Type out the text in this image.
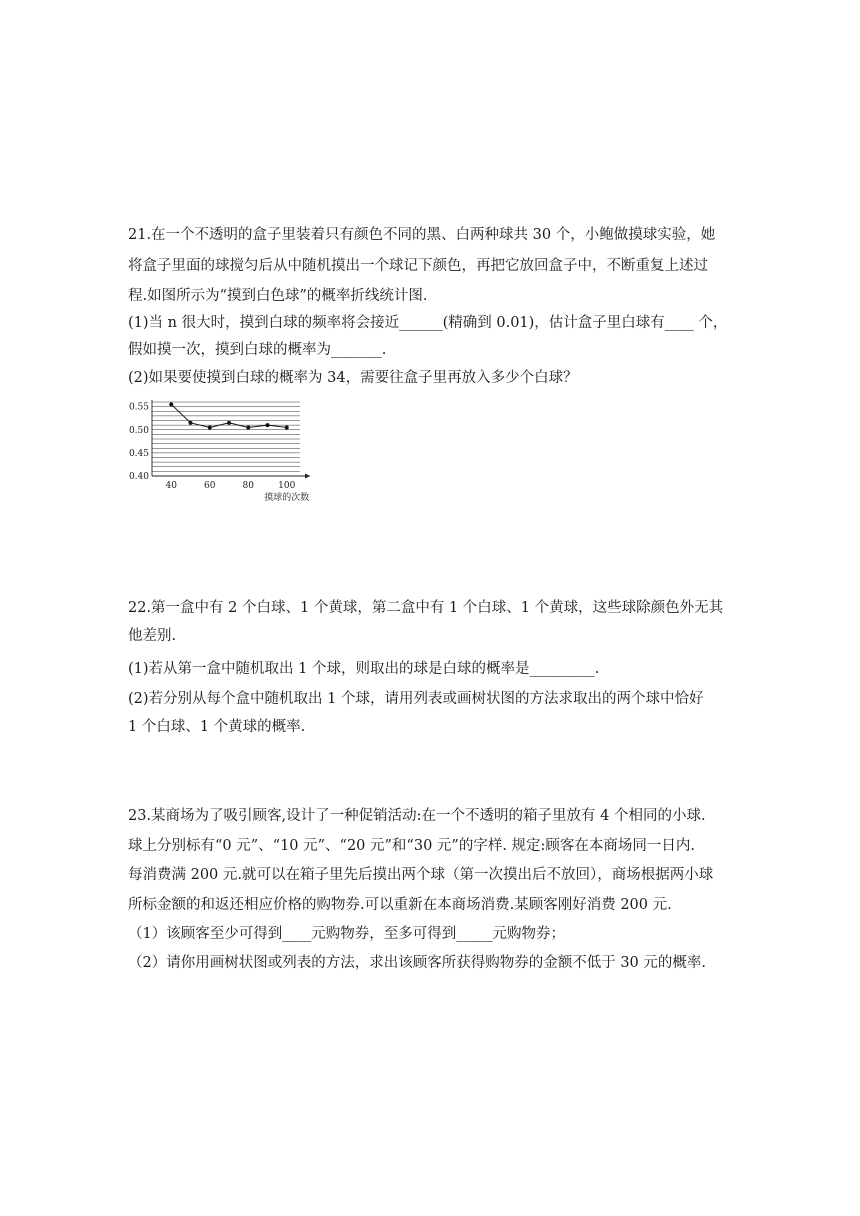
21.在一个不透明的盒子里装着只有颜色不同的黑、白两种球共 30 个，小鲍做摸球实验，她
将盒子里面的球搅匀后从中随机摸出一个球记下颜色，再把它放回盒子中，不断重复上述过
程.如图所示为“摸到白色球”的概率折线统计图.
(1)当 n 很大时，摸到白球的频率将会接近______(精确到 0.01)，估计盒子里白球有____ 个，
假如摸一次，摸到白球的概率为_______.
(2)如果要使摸到白球的概率为 34，需要往盒子里再放入多少个白球？
0.55
0.50
0.45
0.40
40	60	80	100
摸球的次数
22.第一盒中有 2 个白球、1 个黄球，第二盒中有 1 个白球、1 个黄球，这些球除颜色外无其
他差别.
(1)若从第一盒中随机取出 1 个球，则取出的球是白球的概率是_________.
(2)若分别从每个盒中随机取出 1 个球，请用列表或画树状图的方法求取出的两个球中恰好
1 个白球、1 个黄球的概率.
23.某商场为了吸引顾客,设计了一种促销活动:在一个不透明的箱子里放有 4 个相同的小球.
球上分别标有“0 元”、“10 元”、“20 元”和“30 元”的字样. 规定:顾客在本商场同一日内.
每消费满 200 元.就可以在箱子里先后摸出两个球（第一次摸出后不放回），商场根据两小球
所标金额的和返还相应价格的购物券.可以重新在本商场消费.某顾客刚好消费 200 元.
（1）该顾客至少可得到____元购物券，至多可得到_____元购物券；
（2）请你用画树状图或列表的方法，求出该顾客所获得购物券的金额不低于 30 元的概率.
